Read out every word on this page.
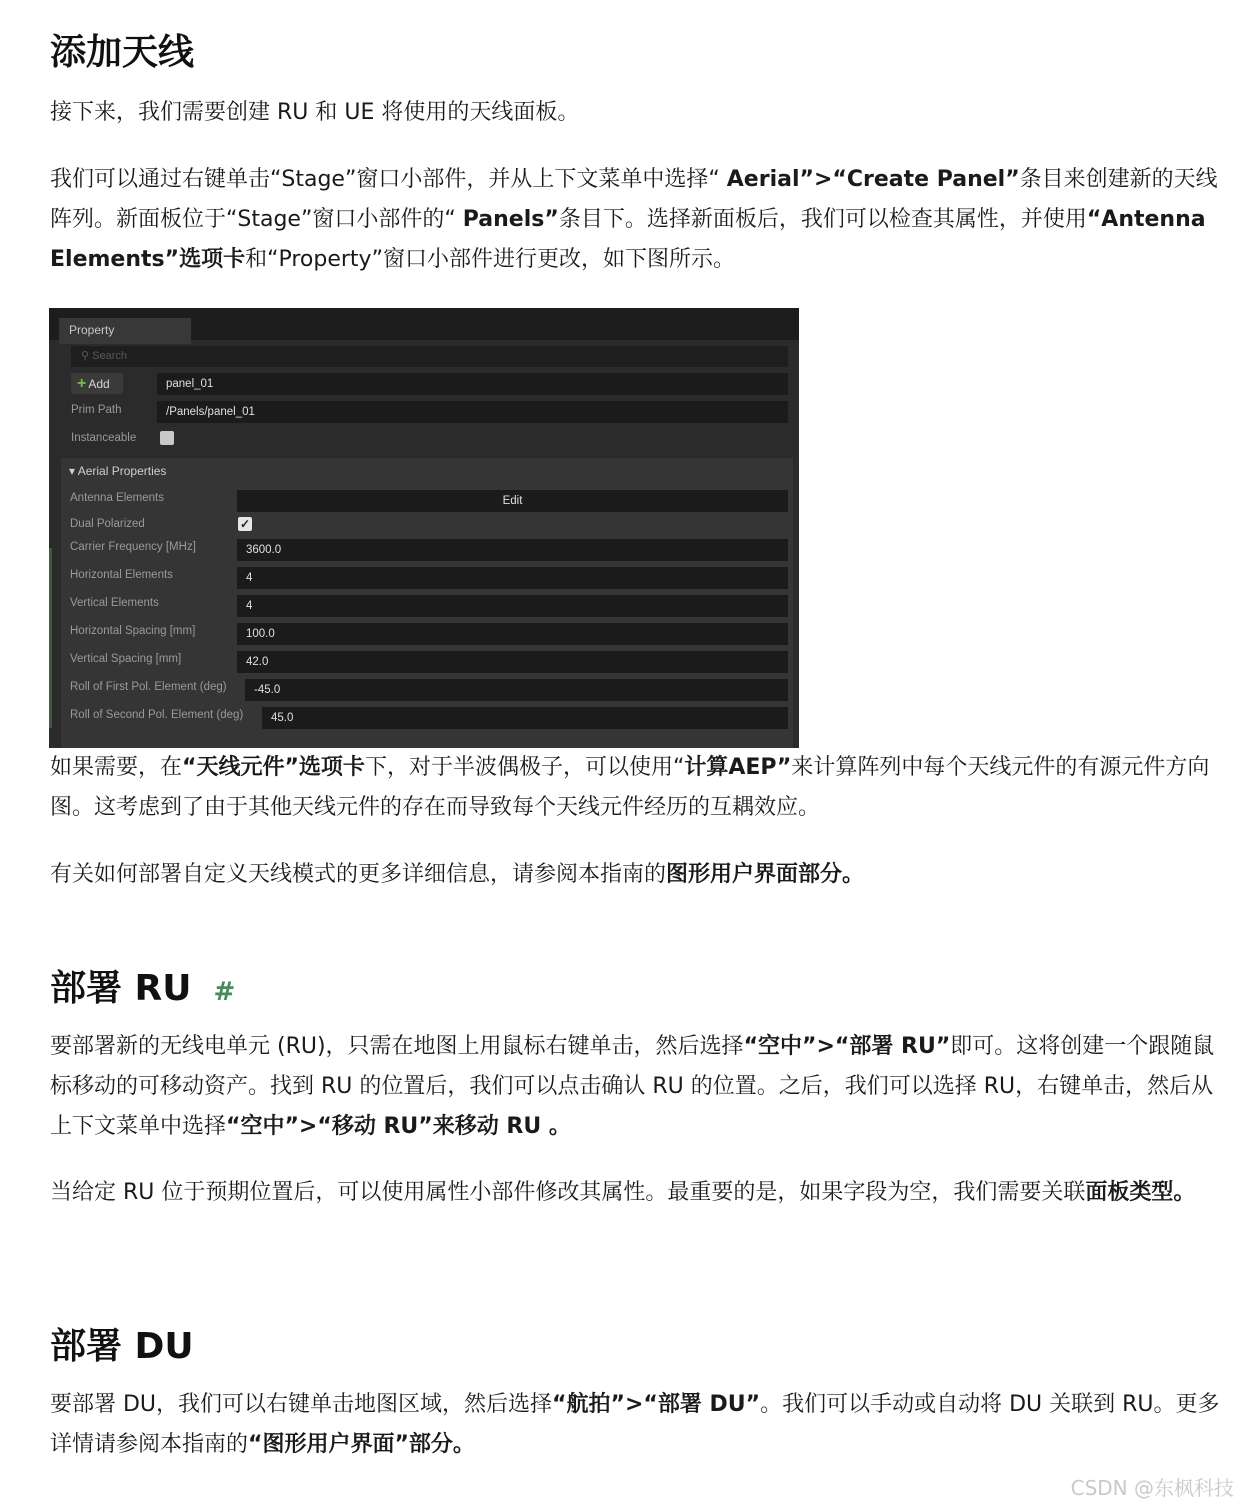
添加天线

接下来，我们需要创建 RU 和 UE 将使用的天线面板。

我们可以通过右键单击“Stage”窗口小部件，并从上下文菜单中选择“ Aerial”>“Create Panel”条目来创建新的天线阵列。新面板位于“Stage”窗口小部件的“ Panels”条目下。选择新面板后，我们可以检查其属性，并使用“Antenna Elements”选项卡和“Property”窗口小部件进行更改，如下图所示。

如果需要，在“天线元件”选项卡下，对于半波偶极子，可以使用“计算AEP”来计算阵列中每个天线元件的有源元件方向图。这考虑到了由于其他天线元件的存在而导致每个天线元件经历的互耦效应。

有关如何部署自定义天线模式的更多详细信息，请参阅本指南的图形用户界面部分。

部署 RU #

要部署新的无线电单元 (RU)，只需在地图上用鼠标右键单击，然后选择“空中”>“部署 RU”即可。这将创建一个跟随鼠标移动的可移动资产。找到 RU 的位置后，我们可以点击确认 RU 的位置。之后，我们可以选择 RU，右键单击，然后从上下文菜单中选择“空中”>“移动 RU”来移动 RU 。

当给定 RU 位于预期位置后，可以使用属性小部件修改其属性。最重要的是，如果字段为空，我们需要关联面板类型。

部署 DU

要部署 DU，我们可以右键单击地图区域，然后选择“航拍”>“部署 DU”。我们可以手动或自动将 DU 关联到 RU。更多详情请参阅本指南的“图形用户界面”部分。

Property
⚲ Search
+ Add	panel_01
Prim Path	/Panels/panel_01
Instanceable
▾ Aerial Properties
Antenna Elements	Edit
Dual Polarized	✓
Carrier Frequency [MHz]	3600.0
Horizontal Elements	4
Vertical Elements	4
Horizontal Spacing [mm]	100.0
Vertical Spacing [mm]	42.0
Roll of First Pol. Element (deg)	-45.0
Roll of Second Pol. Element (deg)	45.0
CSDN @东枫科技
